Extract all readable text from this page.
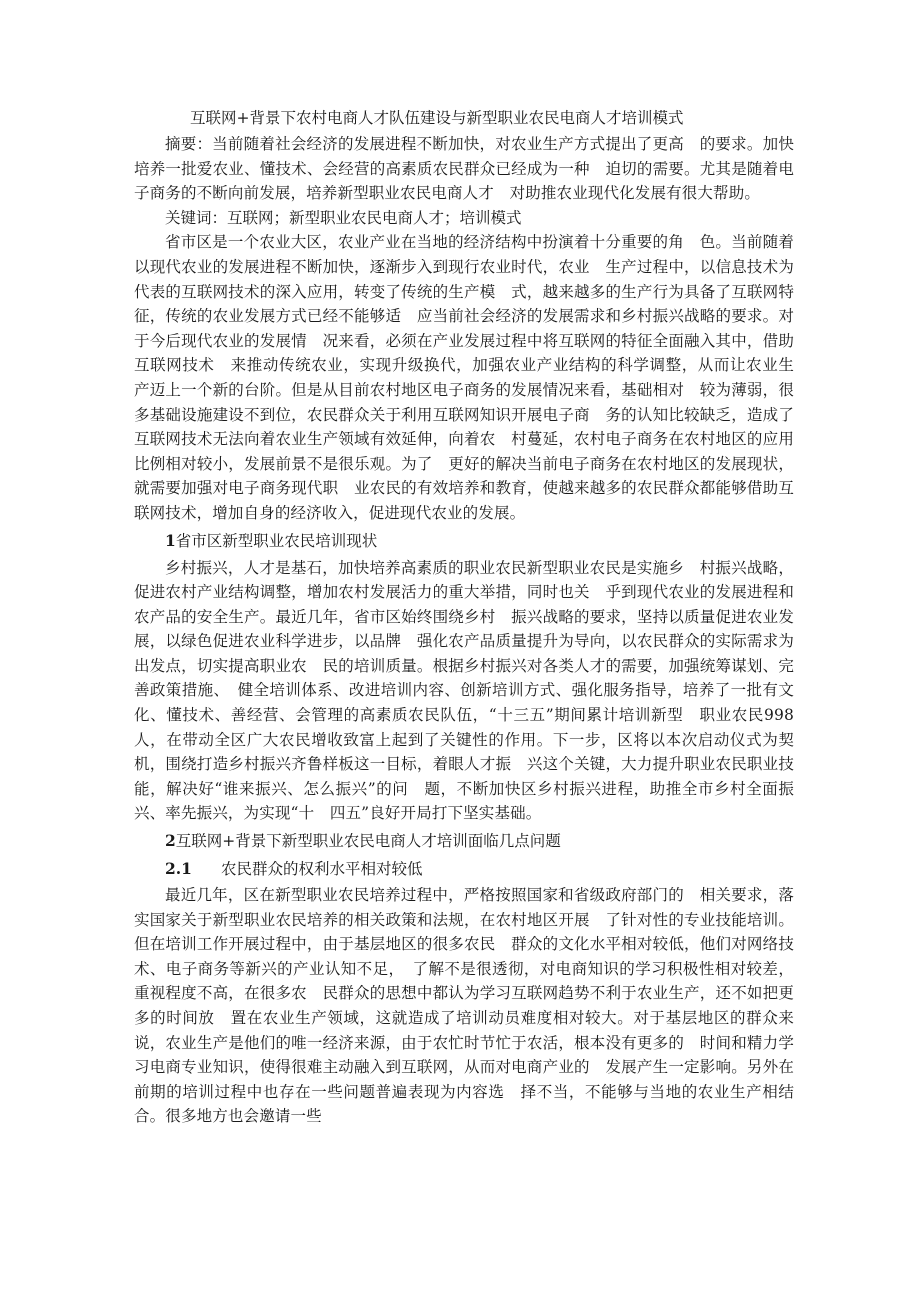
互联网+背景下农村电商人才队伍建设与新型职业农民电商人才培训模式

摘要：当前随着社会经济的发展进程不断加快，对农业生产方式提出了更高　的要求。加快培养一批爱农业、懂技术、会经营的高素质农民群众已经成为一种　迫切的需要。尤其是随着电子商务的不断向前发展，培养新型职业农民电商人才　对助推农业现代化发展有很大帮助。

关键词：互联网；新型职业农民电商人才；培训模式

省市区是一个农业大区，农业产业在当地的经济结构中扮演着十分重要的角　色。当前随着以现代农业的发展进程不断加快，逐渐步入到现行农业时代，农业　生产过程中，以信息技术为代表的互联网技术的深入应用，转变了传统的生产模　式，越来越多的生产行为具备了互联网特征，传统的农业发展方式已经不能够适　应当前社会经济的发展需求和乡村振兴战略的要求。对于今后现代农业的发展情　况来看，必须在产业发展过程中将互联网的特征全面融入其中，借助互联网技术　来推动传统农业，实现升级换代，加强农业产业结构的科学调整，从而让农业生　产迈上一个新的台阶。但是从目前农村地区电子商务的发展情况来看，基础相对　较为薄弱，很多基础设施建设不到位，农民群众关于利用互联网知识开展电子商　务的认知比较缺乏，造成了互联网技术无法向着农业生产领域有效延伸，向着农　村蔓延，农村电子商务在农村地区的应用比例相对较小，发展前景不是很乐观。为了　更好的解决当前电子商务在农村地区的发展现状，就需要加强对电子商务现代职　业农民的有效培养和教育，使越来越多的农民群众都能够借助互联网技术，增加自身的经济收入，促进现代农业的发展。

1省市区新型职业农民培训现状

乡村振兴，人才是基石，加快培养高素质的职业农民新型职业农民是实施乡　村振兴战略，促进农村产业结构调整，增加农村发展活力的重大举措，同时也关　乎到现代农业的发展进程和农产品的安全生产。最近几年，省市区始终围绕乡村　振兴战略的要求，坚持以质量促进农业发展，以绿色促进农业科学进步，以品牌　强化农产品质量提升为导向，以农民群众的实际需求为出发点，切实提高职业农　民的培训质量。根据乡村振兴对各类人才的需要，加强统筹谋划、完善政策措施、　健全培训体系、改进培训内容、创新培训方式、强化服务指导，培养了一批有文　化、懂技术、善经营、会管理的高素质农民队伍，“十三五”期间累计培训新型　职业农民998人，在带动全区广大农民增收致富上起到了关键性的作用。下一步，区将以本次启动仪式为契机，围绕打造乡村振兴齐鲁样板这一目标，着眼人才振　兴这个关键，大力提升职业农民职业技能，解决好“谁来振兴、怎么振兴”的问　题，不断加快区乡村振兴进程，助推全市乡村全面振兴、率先振兴，为实现“十　四五”良好开局打下坚实基础。

2互联网+背景下新型职业农民电商人才培训面临几点问题
2.1 农民群众的权利水平相对较低

最近几年，区在新型职业农民培养过程中，严格按照国家和省级政府部门的　相关要求，落实国家关于新型职业农民培养的相关政策和法规，在农村地区开展　了针对性的专业技能培训。但在培训工作开展过程中，由于基层地区的很多农民　群众的文化水平相对较低，他们对网络技术、电子商务等新兴的产业认知不足，　了解不是很透彻，对电商知识的学习积极性相对较差，重视程度不高，在很多农　民群众的思想中都认为学习互联网趋势不利于农业生产，还不如把更多的时间放　置在农业生产领域，这就造成了培训动员难度相对较大。对于基层地区的群众来　说，农业生产是他们的唯一经济来源，由于农忙时节忙于农活，根本没有更多的　时间和精力学习电商专业知识，使得很难主动融入到互联网，从而对电商产业的　发展产生一定影响。另外在前期的培训过程中也存在一些问题普遍表现为内容选　择不当，不能够与当地的农业生产相结合。很多地方也会邀请一些
